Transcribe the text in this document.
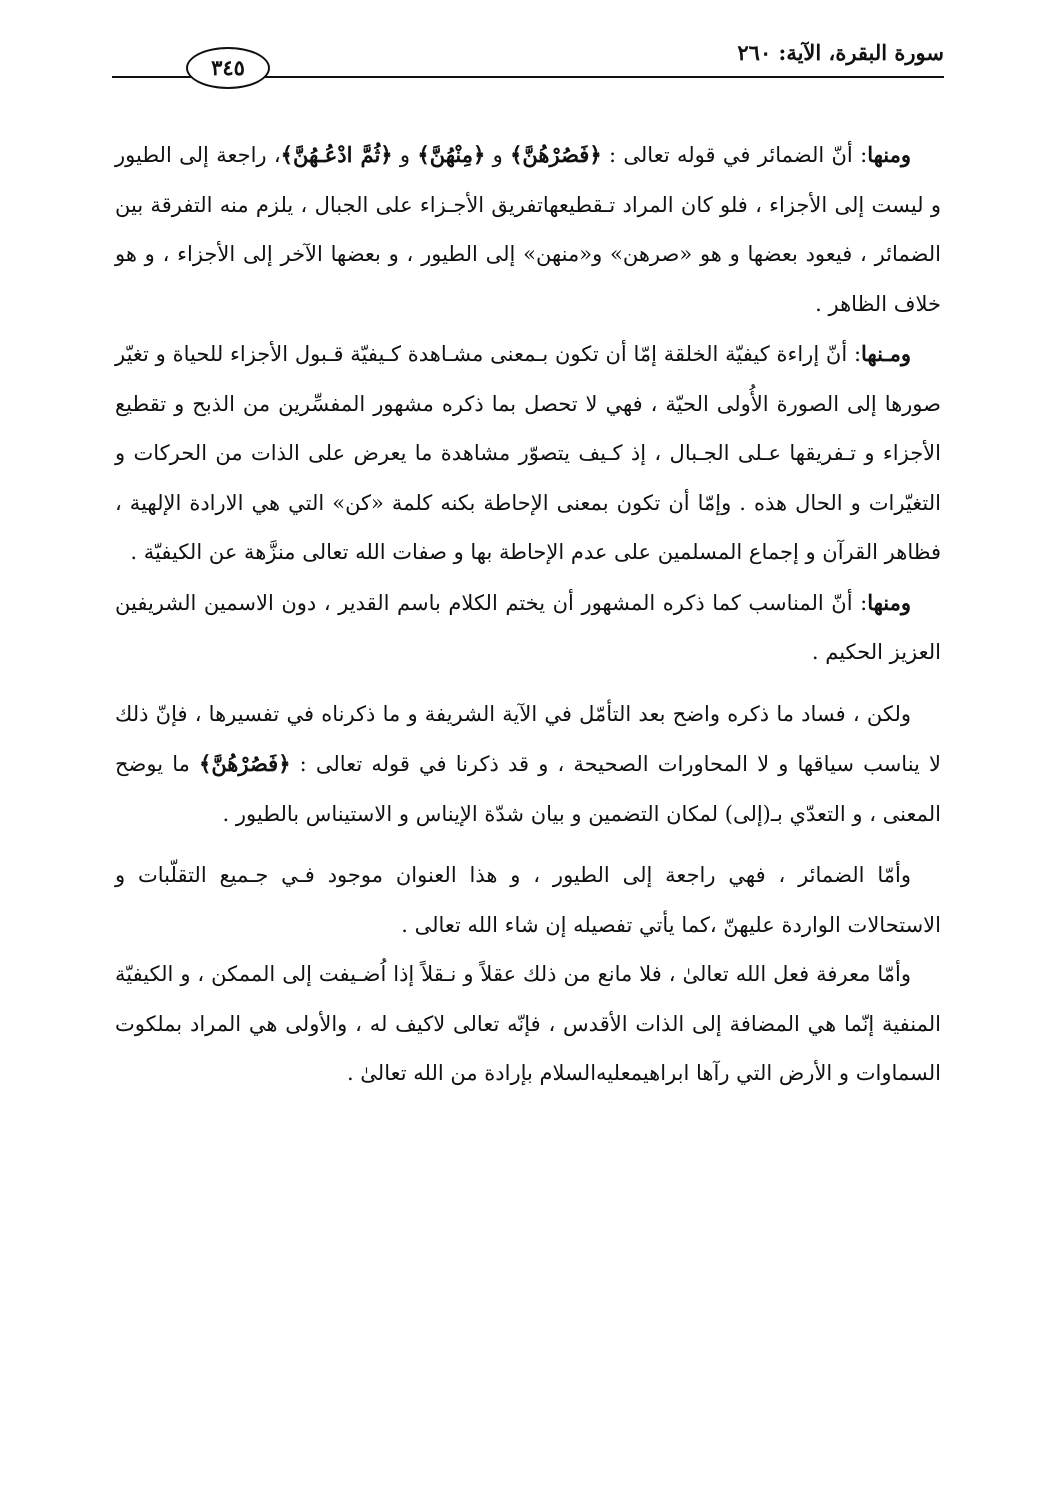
سورة البقرة، الآية: ٢٦٠
٣٤٥

ومنها: أنّ الضمائر في قوله تعالى : ﴿فَصُرْهُنَّ﴾ و ﴿مِنْهُنَّ﴾ و ﴿ثُمَّ ادْعُـهُنَّ﴾، راجعة إلى الطيور و ليست إلى الأجزاء ، فلو كان المراد تـقطيعهاتفريق الأجـزاء على الجبال ، يلزم منه التفرقة بين الضمائر ، فيعود بعضها و هو «صرهن» و«منهن» إلى الطيور ، و بعضها الآخر إلى الأجزاء ، و هو خلاف الظاهر .

ومـنها: أنّ إراءة كيفيّة الخلقة إمّا أن تكون بـمعنى مشـاهدة كـيفيّة قـبول الأجزاء للحياة و تغيّر صورها إلى الصورة الأُولى الحيّة ، فهي لا تحصل بما ذكره مشهور المفسِّرين من الذبح و تقطيع الأجزاء و تـفريقها عـلى الجـبال ، إذ كـيف يتصوّر مشاهدة ما يعرض على الذات من الحركات و التغيّرات و الحال هذه . وإمّا أن تكون بمعنى الإحاطة بكنه كلمة «كن» التي هي الارادة الإلهية ، فظاهر القرآن و إجماع المسلمين على عدم الإحاطة بها و صفات الله تعالى منزَّهة عن الكيفيّة .

ومنها: أنّ المناسب كما ذكره المشهور أن يختم الكلام باسم القدير ، دون الاسمين الشريفين العزيز الحكيم .

ولكن ، فساد ما ذكره واضح بعد التأمّل في الآية الشريفة و ما ذكرناه في تفسيرها ، فإنّ ذلك لا يناسب سياقها و لا المحاورات الصحيحة ، و قد ذكرنا في قوله تعالى : ﴿فَصُرْهُنَّ﴾ ما يوضح المعنى ، و التعدّي بـ(إلى) لمكان التضمين و بيان شدّة الإيناس و الاستيناس بالطيور .

وأمّا الضمائر ، فهي راجعة إلى الطيور ، و هذا العنوان موجود فـي جـميع التقلّبات و الاستحالات الواردة عليهنّ ،كما يأتي تفصيله إن شاء الله تعالى .

وأمّا معرفة فعل الله تعالىٰ ، فلا مانع من ذلك عقلاً و نـقلاً إذا اُضـيفت إلى الممكن ، و الكيفيّة المنفية إنّما هي المضافة إلى الذات الأقدس ، فإنّه تعالى لاكيف له ، والأولى هي المراد بملكوت السماوات و الأرض التي رآها ابراهيمعليه‌السلام بإرادة من الله تعالىٰ .
